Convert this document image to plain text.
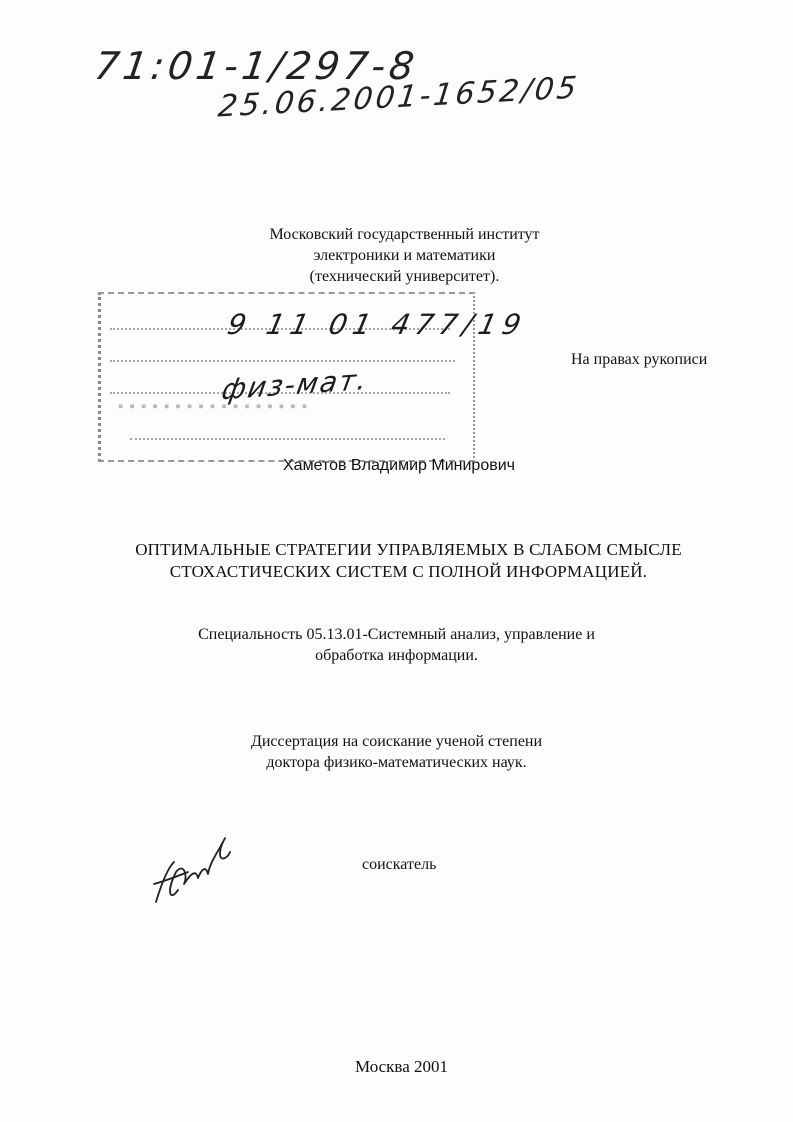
71:01-1/297-8
25.06.2001-1652/05
Московский государственный институт
электроники и математики
(технический университет).
▪ ▪ ▪ ▪ ▪ ▪ ▪ ▪ ▪ ▪ ▪ ▪ ▪ ▪ ▪ ▪ ▪
9 11 01 477/19
физ-мат.
На правах рукописи
Хаметов Владимир Минирович
ОПТИМАЛЬНЫЕ СТРАТЕГИИ УПРАВЛЯЕМЫХ В СЛАБОМ СМЫСЛЕ
СТОХАСТИЧЕСКИХ СИСТЕМ С ПОЛНОЙ ИНФОРМАЦИЕЙ.
Специальность 05.13.01-Системный анализ, управление и
обработка информации.
Диссертация на соискание ученой степени
доктора физико-математических наук.
соискатель
Москва 2001
